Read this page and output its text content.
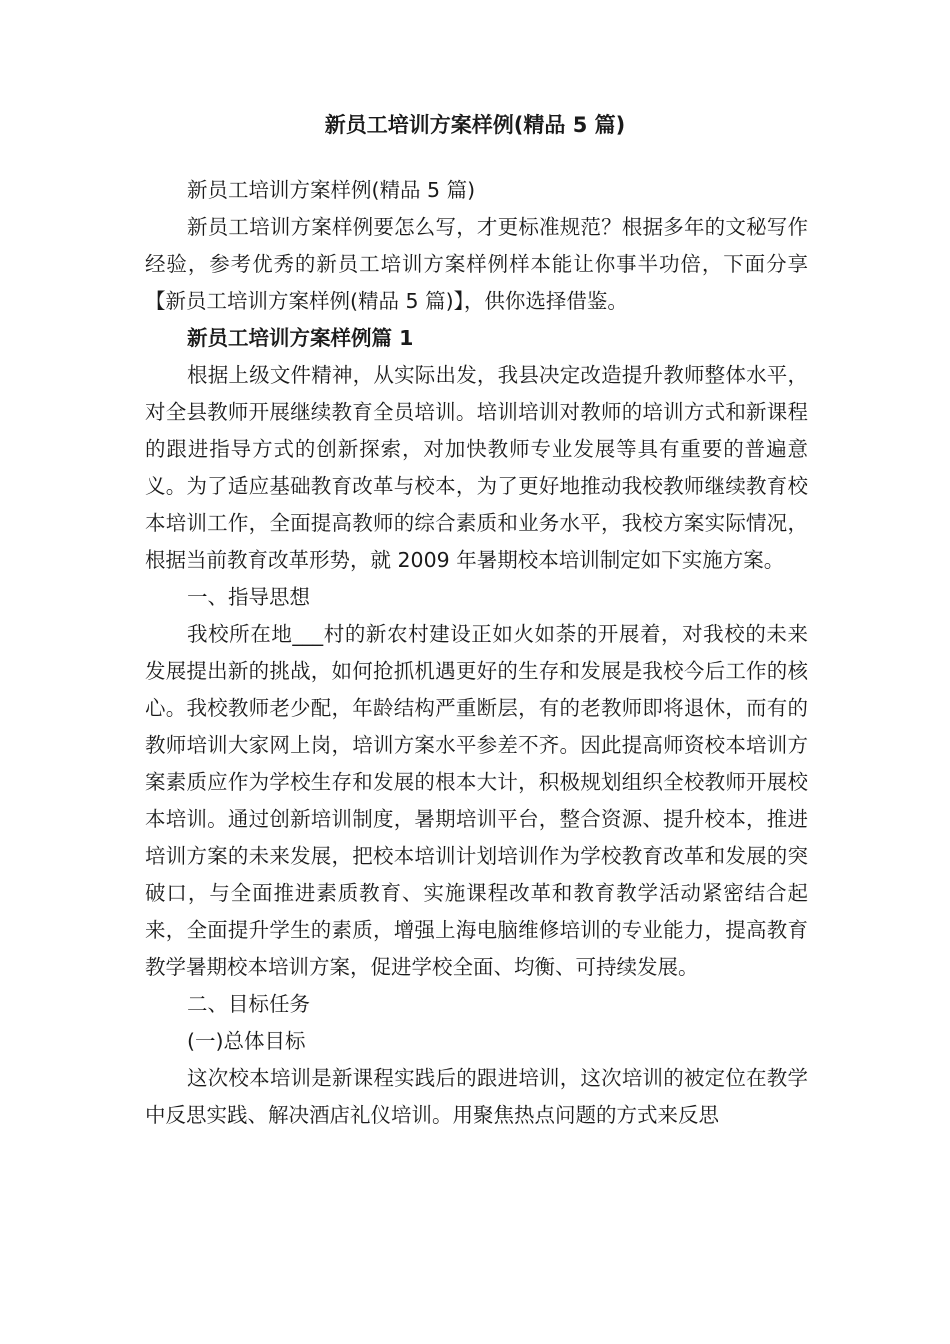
新员工培训方案样例(精品 5 篇)

新员工培训方案样例(精品 5 篇)

新员工培训方案样例要怎么写，才更标准规范？根据多年的文秘写作经验，参考优秀的新员工培训方案样例样本能让你事半功倍，下面分享【新员工培训方案样例(精品 5 篇)】，供你选择借鉴。

新员工培训方案样例篇 1

根据上级文件精神，从实际出发，我县决定改造提升教师整体水平，对全县教师开展继续教育全员培训。培训培训对教师的培训方式和新课程的跟进指导方式的创新探索，对加快教师专业发展等具有重要的普遍意义。为了适应基础教育改革与校本，为了更好地推动我校教师继续教育校本培训工作，全面提高教师的综合素质和业务水平，我校方案实际情况，根据当前教育改革形势，就 2009 年暑期校本培训制定如下实施方案。

一、指导思想

我校所在地___村的新农村建设正如火如荼的开展着，对我校的未来发展提出新的挑战，如何抢抓机遇更好的生存和发展是我校今后工作的核心。我校教师老少配，年龄结构严重断层，有的老教师即将退休，而有的教师培训大家网上岗，培训方案水平参差不齐。因此提高师资校本培训方案素质应作为学校生存和发展的根本大计，积极规划组织全校教师开展校本培训。通过创新培训制度，暑期培训平台，整合资源、提升校本，推进培训方案的未来发展，把校本培训计划培训作为学校教育改革和发展的突破口，与全面推进素质教育、实施课程改革和教育教学活动紧密结合起来，全面提升学生的素质，增强上海电脑维修培训的专业能力，提高教育教学暑期校本培训方案，促进学校全面、均衡、可持续发展。

二、目标任务

(一)总体目标

这次校本培训是新课程实践后的跟进培训，这次培训的被定位在教学中反思实践、解决酒店礼仪培训。用聚焦热点问题的方式来反思
